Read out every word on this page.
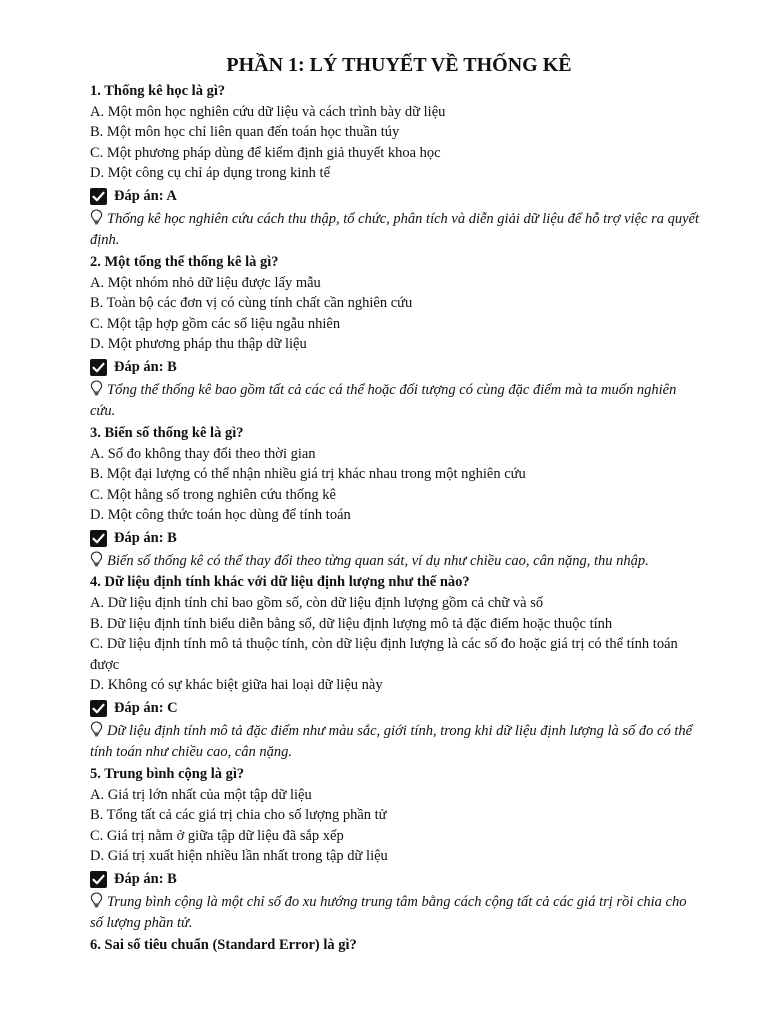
PHẦN 1: LÝ THUYẾT VỀ THỐNG KÊ
1. Thống kê học là gì?
A. Một môn học nghiên cứu dữ liệu và cách trình bày dữ liệu
B. Một môn học chỉ liên quan đến toán học thuần túy
C. Một phương pháp dùng để kiểm định giả thuyết khoa học
D. Một công cụ chỉ áp dụng trong kinh tế
Đáp án: A
Thống kê học nghiên cứu cách thu thập, tổ chức, phân tích và diễn giải dữ liệu để hỗ trợ việc ra quyết định.
2. Một tổng thể thống kê là gì?
A. Một nhóm nhỏ dữ liệu được lấy mẫu
B. Toàn bộ các đơn vị có cùng tính chất cần nghiên cứu
C. Một tập hợp gồm các số liệu ngẫu nhiên
D. Một phương pháp thu thập dữ liệu
Đáp án: B
Tổng thể thống kê bao gồm tất cả các cá thể hoặc đối tượng có cùng đặc điểm mà ta muốn nghiên cứu.
3. Biến số thống kê là gì?
A. Số đo không thay đổi theo thời gian
B. Một đại lượng có thể nhận nhiều giá trị khác nhau trong một nghiên cứu
C. Một hằng số trong nghiên cứu thống kê
D. Một công thức toán học dùng để tính toán
Đáp án: B
Biến số thống kê có thể thay đổi theo từng quan sát, ví dụ như chiều cao, cân nặng, thu nhập.
4. Dữ liệu định tính khác với dữ liệu định lượng như thế nào?
A. Dữ liệu định tính chỉ bao gồm số, còn dữ liệu định lượng gồm cả chữ và số
B. Dữ liệu định tính biểu diễn bằng số, dữ liệu định lượng mô tả đặc điểm hoặc thuộc tính
C. Dữ liệu định tính mô tả thuộc tính, còn dữ liệu định lượng là các số đo hoặc giá trị có thể tính toán được
D. Không có sự khác biệt giữa hai loại dữ liệu này
Đáp án: C
Dữ liệu định tính mô tả đặc điểm như màu sắc, giới tính, trong khi dữ liệu định lượng là số đo có thể tính toán như chiều cao, cân nặng.
5. Trung bình cộng là gì?
A. Giá trị lớn nhất của một tập dữ liệu
B. Tổng tất cả các giá trị chia cho số lượng phần tử
C. Giá trị nằm ở giữa tập dữ liệu đã sắp xếp
D. Giá trị xuất hiện nhiều lần nhất trong tập dữ liệu
Đáp án: B
Trung bình cộng là một chỉ số đo xu hướng trung tâm bằng cách cộng tất cả các giá trị rồi chia cho số lượng phần tử.
6. Sai số tiêu chuẩn (Standard Error) là gì?
